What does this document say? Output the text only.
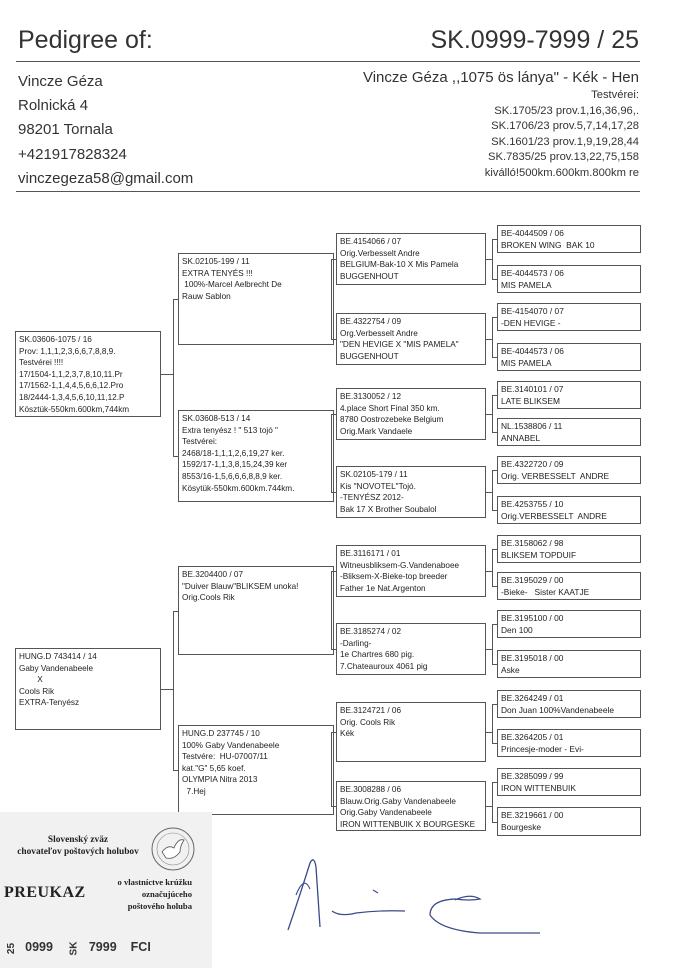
Pedigree of:	SK.0999-7999 / 25
Vincze Géza
Rolnická 4
98201 Tornala
+421917828324
vinczegeza58@gmail.com
Vincze Géza ,,1075 ös lánya" - Kék - Hen
Testvérei:
SK.1705/23 prov.1,16,36,96,.
SK.1706/23 prov.5,7,14,17,28
SK.1601/23 prov.1,9,19,28,44
SK.7835/25 prov.13,22,75,158
kiválló!500km.600km.800km re
SK.03606-1075 / 16
Prov: 1,1,1,2,3,6,6,7,8,8,9.
Testvérei !!!!
17/1504-1,1,2,3,7,8,10,11.Pr
17/1562-1,1,4,4,5,6,6,12.Pro
18/2444-1,3,4,5,6,10,11,12.P
Kösztük-550km.600km,744km
HUNG.D 743414 / 14
Gaby Vandenabeele
X
Cools Rik
EXTRA-Tenyész
SK.02105-199 / 11
EXTRA TENYÉS !!!
100%-Marcel Aelbrecht De
Rauw Sablon
SK.03608-513 / 14
Extra tenyész ! " 513 tojó "
Testvérei:
2468/18-1,1,1,2,6,19,27 ker.
1592/17-1,1,3,8,15,24,39 ker
8553/16-1,5,6,6,6,8,8,9 ker.
Kösytük-550km.600km.744km.
BE.3204400 / 07
"Duiver Blauw"BLIKSEM unoka!
Orig.Cools Rik
HUNG.D 237745 / 10
100% Gaby Vandenabeele
Testvére:  HU-07007/11
kat."G" 5,65 koef.
OLYMPIA Nitra 2013
7.Hej
BE.4154066 / 07
Orig.Verbesselt Andre
BELGIUM-Bak-10 X Mis Pamela
BUGGENHOUT
BE.4322754 / 09
Org.Verbesselt Andre
"DEN HEVIGE X "MIS PAMELA"
BUGGENHOUT
BE.3130052 / 12
4.place Short Final 350 km.
8780 Oostrozebeke Belgium
Orig.Mark Vandaele
SK.02105-179 / 11
Kis "NOVOTEL"Tojó.
-TENYÉSZ 2012-
Bak 17 X Brother Soubalol
BE.3116171 / 01
Witneusbliksem-G.Vandenaboee
-Bliksem-X-Bieke-top breeder
Father 1e Nat.Argenton
BE.3185274 / 02
-Darling-
1e Chartres 680 pig.
7.Chateauroux 4061 pig
BE.3124721 / 06
Orig. Cools Rik
Kék
BE.3008288 / 06
Blauw.Orig.Gaby Vandenabeele
Orig.Gaby Vandenabeele
IRON WITTENBUIK X BOURGESKE
BE-4044509 / 06
BROKEN WING  BAK 10
BE-4044573 / 06
MIS PAMELA
BE-4154070 / 07
-DEN HEVIGE -
BE-4044573 / 06
MIS PAMELA
BE.3140101 / 07
LATE BLIKSEM
NL.1538806 / 11
ANNABEL
BE.4322720 / 09
Orig. VERBESSELT  ANDRE
BE.4253755 / 10
Orig.VERBESSELT  ANDRE
BE.3158062 / 98
BLIKSEM TOPDUIF
BE.3195029 / 00
-Bieke-   Sister KAATJE
BE.3195100 / 00
Den 100
BE.3195018 / 00
Aske
BE.3264249 / 01
Don Juan 100%Vandenabeele
BE.3264205 / 01
Princesje-moder - Evi-
BE.3285099 / 99
IRON WITTENBUIK
BE.3219661 / 00
Bourgeske
Slovenský zväz
chovateľov poštových holubov
PREUKAZ
o vlastníctve krúžku
označujúceho
poštového holuba
25 0999 SK 7999 FCI
